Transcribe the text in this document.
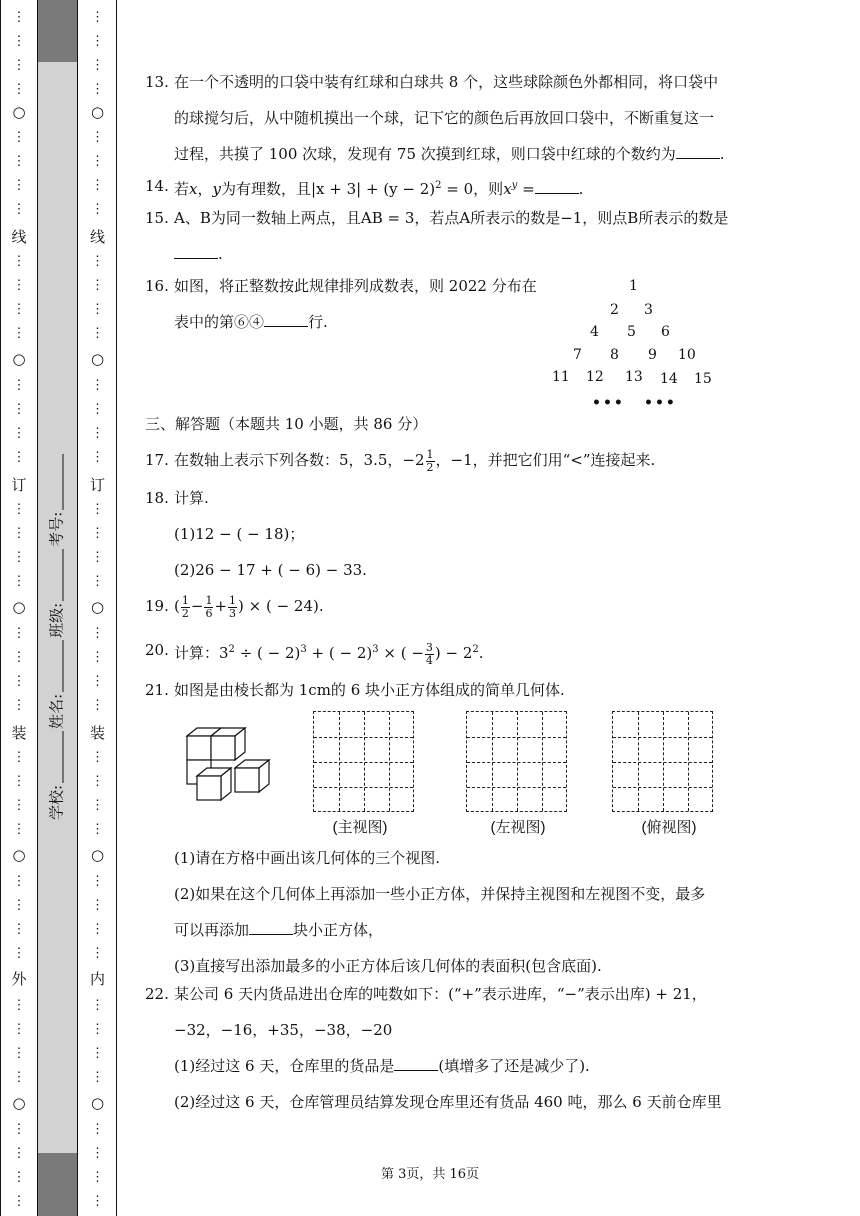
⋮
⋮
⋮
⋮
○
⋮
⋮
⋮
⋮
线
⋮
⋮
⋮
⋮
○
⋮
⋮
⋮
⋮
订
⋮
⋮
⋮
⋮
○
⋮
⋮
⋮
⋮
装
⋮
⋮
⋮
⋮
○
⋮
⋮
⋮
⋮
外
⋮
⋮
⋮
⋮
○
⋮
⋮
⋮
⋮
学校:
姓名:
班级:
考号:
⋮
⋮
⋮
⋮
○
⋮
⋮
⋮
⋮
线
⋮
⋮
⋮
⋮
○
⋮
⋮
⋮
⋮
订
⋮
⋮
⋮
⋮
○
⋮
⋮
⋮
⋮
装
⋮
⋮
⋮
⋮
○
⋮
⋮
⋮
⋮
内
⋮
⋮
⋮
⋮
○
⋮
⋮
⋮
⋮
13. 在一个不透明的口袋中装有红球和白球共 8 个，这些球除颜色外都相同，将口袋中
的球搅匀后，从中随机摸出一个球，记下它的颜色后再放回口袋中，不断重复这一
过程，共摸了 100 次球，发现有 75 次摸到红球，则口袋中红球的个数约为	.
14. 若x，y为有理数，且$|x + 3| + (y - 2)^2 = 0$，则$x^y$ =	.
15. A、B为同一数轴上两点，且AB = 3，若点A所表示的数是−1，则点B所表示的数是
.
16. 如图，将正整数按此规律排列成数表，则 2022 分布在
表中的第⑥④	行.
1
2 3
4 5 6
7 8 9 10
11 12 13 14 15
••• •••
三、解答题（本题共 10 小题，共 86 分）
17. 在数轴上表示下列各数：5，3.5，$-2 \frac{1}{2}$ ，−1，并把它们用“<”连接起来.
18. 计算.
(1)12 − ( − 18)；
(2)26 − 17 + ( − 6) − 33.
19. ( $\frac{1}{2} - \frac{1}{6} + \frac{1}{3}$ ) × ( − 24).
20. 计算：$3^2$ ÷ ( − 2)$^3$ + ( − 2)$^3$ × ( − $\frac{3}{4}$ ) − $2^2$.
21. 如图是由棱长都为 1cm的 6 块小正方体组成的简单几何体.
(1)请在方格中画出该几何体的三个视图.
(2)如果在这个几何体上再添加一些小正方体，并保持主视图和左视图不变，最多
可以再添加	块小正方体，
(3)直接写出添加最多的小正方体后该几何体的表面积(包含底面).
22. 某公司 6 天内货品进出仓库的吨数如下：(“+”表示进库，“−”表示出库) + 21，
−32，−16，+35，−38，−20
(1)经过这 6 天，仓库里的货品是	(填增多了还是减少了).
(2)经过这 6 天，仓库管理员结算发现仓库里还有货品 460 吨，那么 6 天前仓库里
(主视图)	(左视图)	(俯视图)
第 3页，共 16页
